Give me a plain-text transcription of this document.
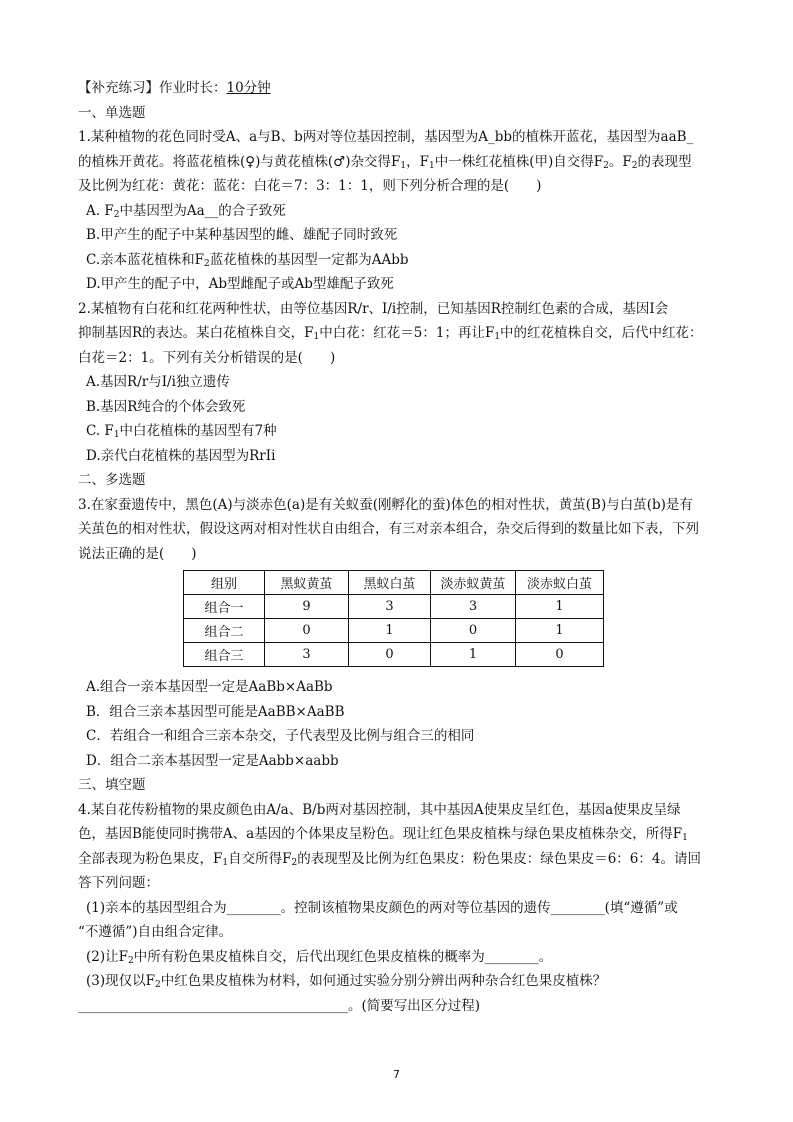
【补充练习】作业时长：10分钟
一、单选题
1.某种植物的花色同时受A、a与B、b两对等位基因控制，基因型为A_bb的植株开蓝花，基因型为aaB_
的植株开黄花。将蓝花植株(♀)与黄花植株(♂)杂交得$F_1$，$F_1$中一株红花植株(甲)自交得$F_2$。$F_2$的表现型
及比例为红花：黄花：蓝花：白花＝7：3：1：1，则下列分析合理的是(　　)
A. $F_2$中基因型为Aa__的合子致死
B.甲产生的配子中某种基因型的雌、雄配子同时致死
C.亲本蓝花植株和$F_2$蓝花植株的基因型一定都为AAbb
D.甲产生的配子中，Ab型雌配子或Ab型雄配子致死
2.某植物有白花和红花两种性状，由等位基因R/r、I/i控制，已知基因R控制红色素的合成，基因I会
抑制基因R的表达。某白花植株自交，$F_1$中白花：红花＝5：1；再让$F_1$中的红花植株自交，后代中红花：
白花＝2：1。下列有关分析错误的是(　　)
A.基因R/r与I/i独立遗传
B.基因R纯合的个体会致死
C. $F_1$中白花植株的基因型有7种
D.亲代白花植株的基因型为RrIi
二、多选题
3.在家蚕遗传中，黑色(A)与淡赤色(a)是有关蚁蚕(刚孵化的蚕)体色的相对性状，黄茧(B)与白茧(b)是有
关茧色的相对性状，假设这两对相对性状自由组合，有三对亲本组合，杂交后得到的数量比如下表，下列
说法正确的是(　　)
组别	黑蚁黄茧	黑蚁白茧	淡赤蚁黄茧	淡赤蚁白茧
组合一	9	3	3	1
组合二	0	1	0	1
组合三	3	0	1	0
A.组合一亲本基因型一定是AaBb×AaBb
B．组合三亲本基因型可能是AaBB×AaBB
C．若组合一和组合三亲本杂交，子代表型及比例与组合三的相同
D．组合二亲本基因型一定是Aabb×aabb
三、填空题
4.某自花传粉植物的果皮颜色由A/a、B/b两对基因控制，其中基因A使果皮呈红色，基因a使果皮呈绿
色，基因B能使同时携带A、a基因的个体果皮呈粉色。现让红色果皮植株与绿色果皮植株杂交，所得$F_1$
全部表现为粉色果皮，$F_1$自交所得$F_2$的表现型及比例为红色果皮：粉色果皮：绿色果皮＝6：6：4。请回
答下列问题：
(1)亲本的基因型组合为________。控制该植物果皮颜色的两对等位基因的遗传________(填“遵循”或
“不遵循”)自由组合定律。
(2)让$F_2$中所有粉色果皮植株自交，后代出现红色果皮植株的概率为________。
(3)现仅以$F_2$中红色果皮植株为材料，如何通过实验分别分辨出两种杂合红色果皮植株？
________________________________________。(简要写出区分过程)
7
